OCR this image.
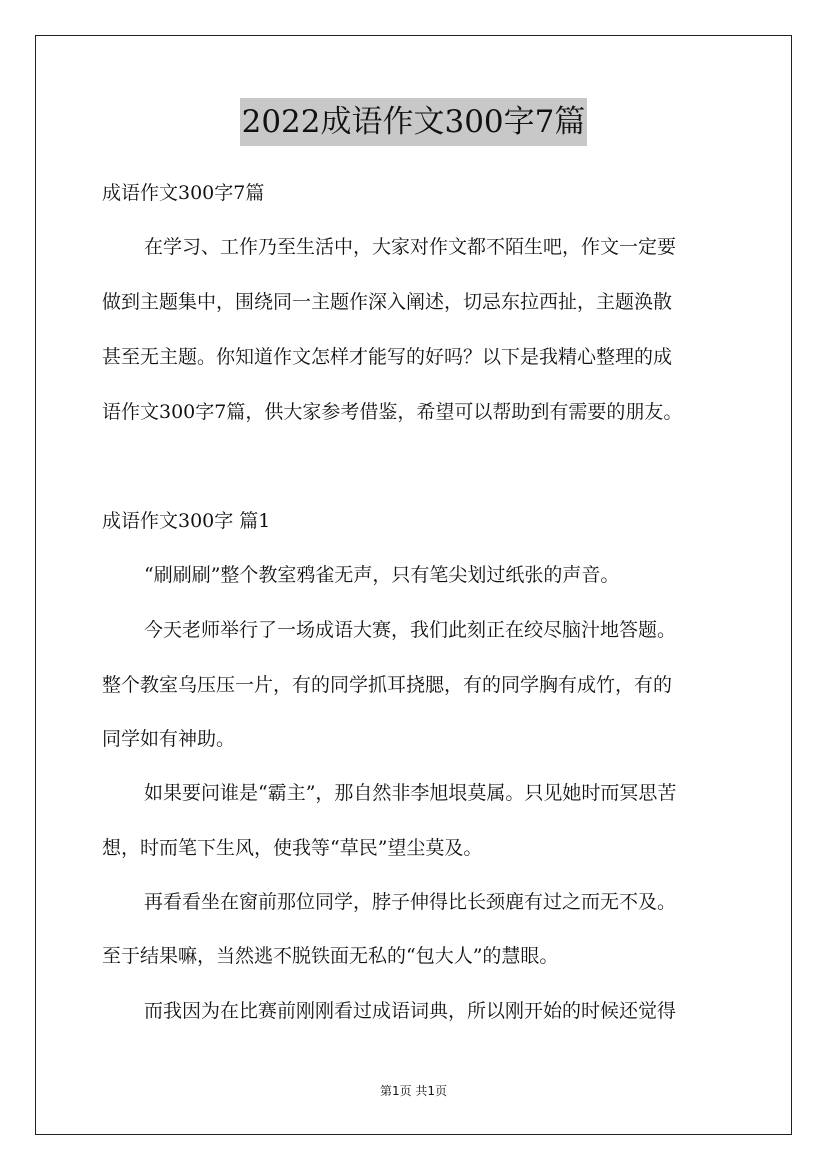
2022成语作文300字7篇
成语作文300字7篇
在学习、工作乃至生活中，大家对作文都不陌生吧，作文一定要
做到主题集中，围绕同一主题作深入阐述，切忌东拉西扯，主题涣散
甚至无主题。你知道作文怎样才能写的好吗？以下是我精心整理的成
语作文300字7篇，供大家参考借鉴，希望可以帮助到有需要的朋友。
成语作文300字 篇1
“刷刷刷”整个教室鸦雀无声，只有笔尖划过纸张的声音。
今天老师举行了一场成语大赛，我们此刻正在绞尽脑汁地答题。
整个教室乌压压一片，有的同学抓耳挠腮，有的同学胸有成竹，有的
同学如有神助。
如果要问谁是“霸主”，那自然非李旭垠莫属。只见她时而冥思苦
想，时而笔下生风，使我等“草民”望尘莫及。
再看看坐在窗前那位同学，脖子伸得比长颈鹿有过之而无不及。
至于结果嘛，当然逃不脱铁面无私的“包大人”的慧眼。
而我因为在比赛前刚刚看过成语词典，所以刚开始的时候还觉得
第1页 共1页
